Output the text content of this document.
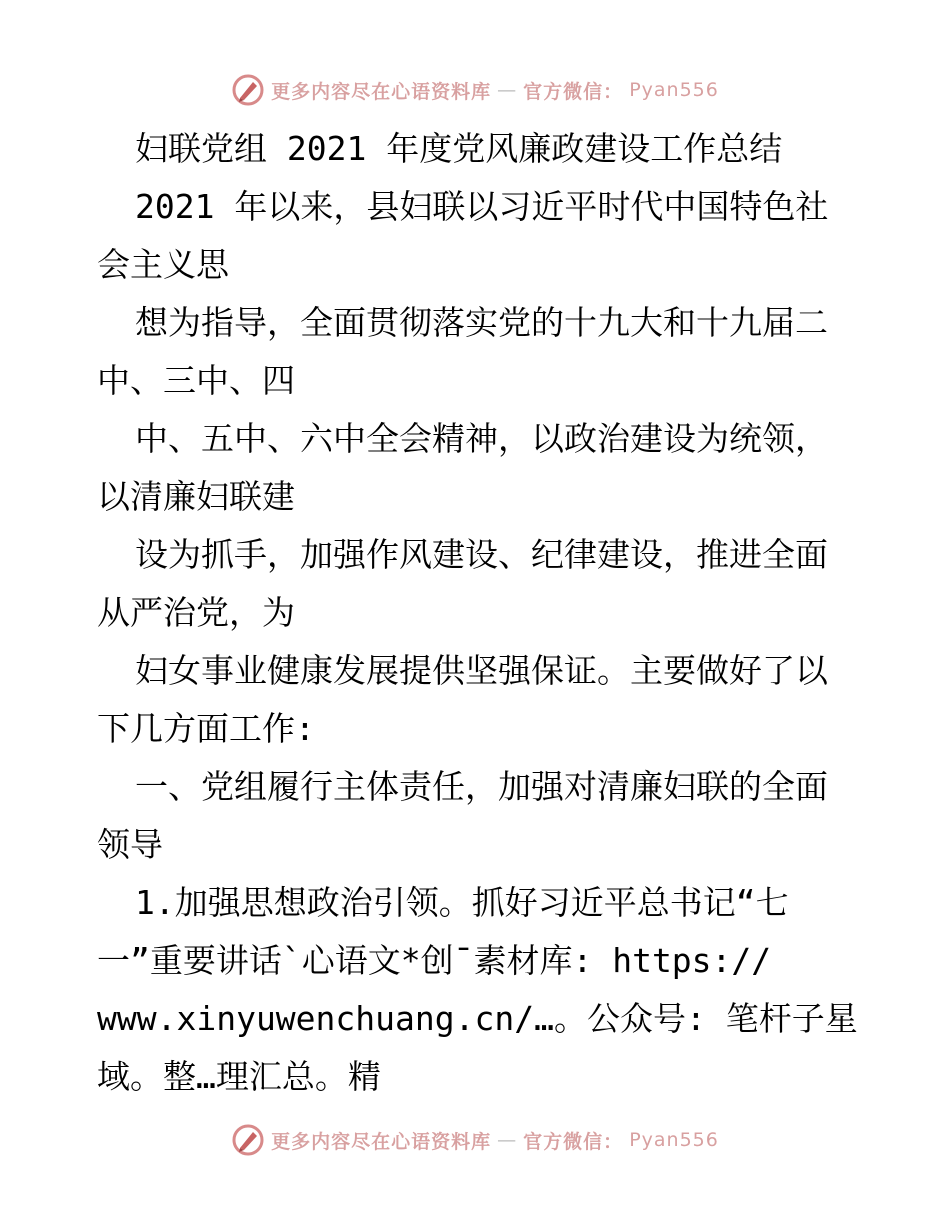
更多内容尽在心语资料库 — 官方微信： Pyan556
妇联党组 2021 年度党风廉政建设工作总结
2021 年以来，县妇联以习近平时代中国特色社
会主义思
想为指导，全面贯彻落实党的十九大和十九届二
中、三中、四
中、五中、六中全会精神，以政治建设为统领，
以清廉妇联建
设为抓手，加强作风建设、纪律建设，推进全面
从严治党，为
妇女事业健康发展提供坚强保证。主要做好了以
下几方面工作:
一、党组履行主体责任，加强对清廉妇联的全面
领导
1.加强思想政治引领。抓好习近平总书记“七
一”重要讲话`心语文*创¯素材库: https://
www.xinyuwenchuang.cn/…。公众号: 笔杆子星
域。整…理汇总。精
更多内容尽在心语资料库 — 官方微信： Pyan556
